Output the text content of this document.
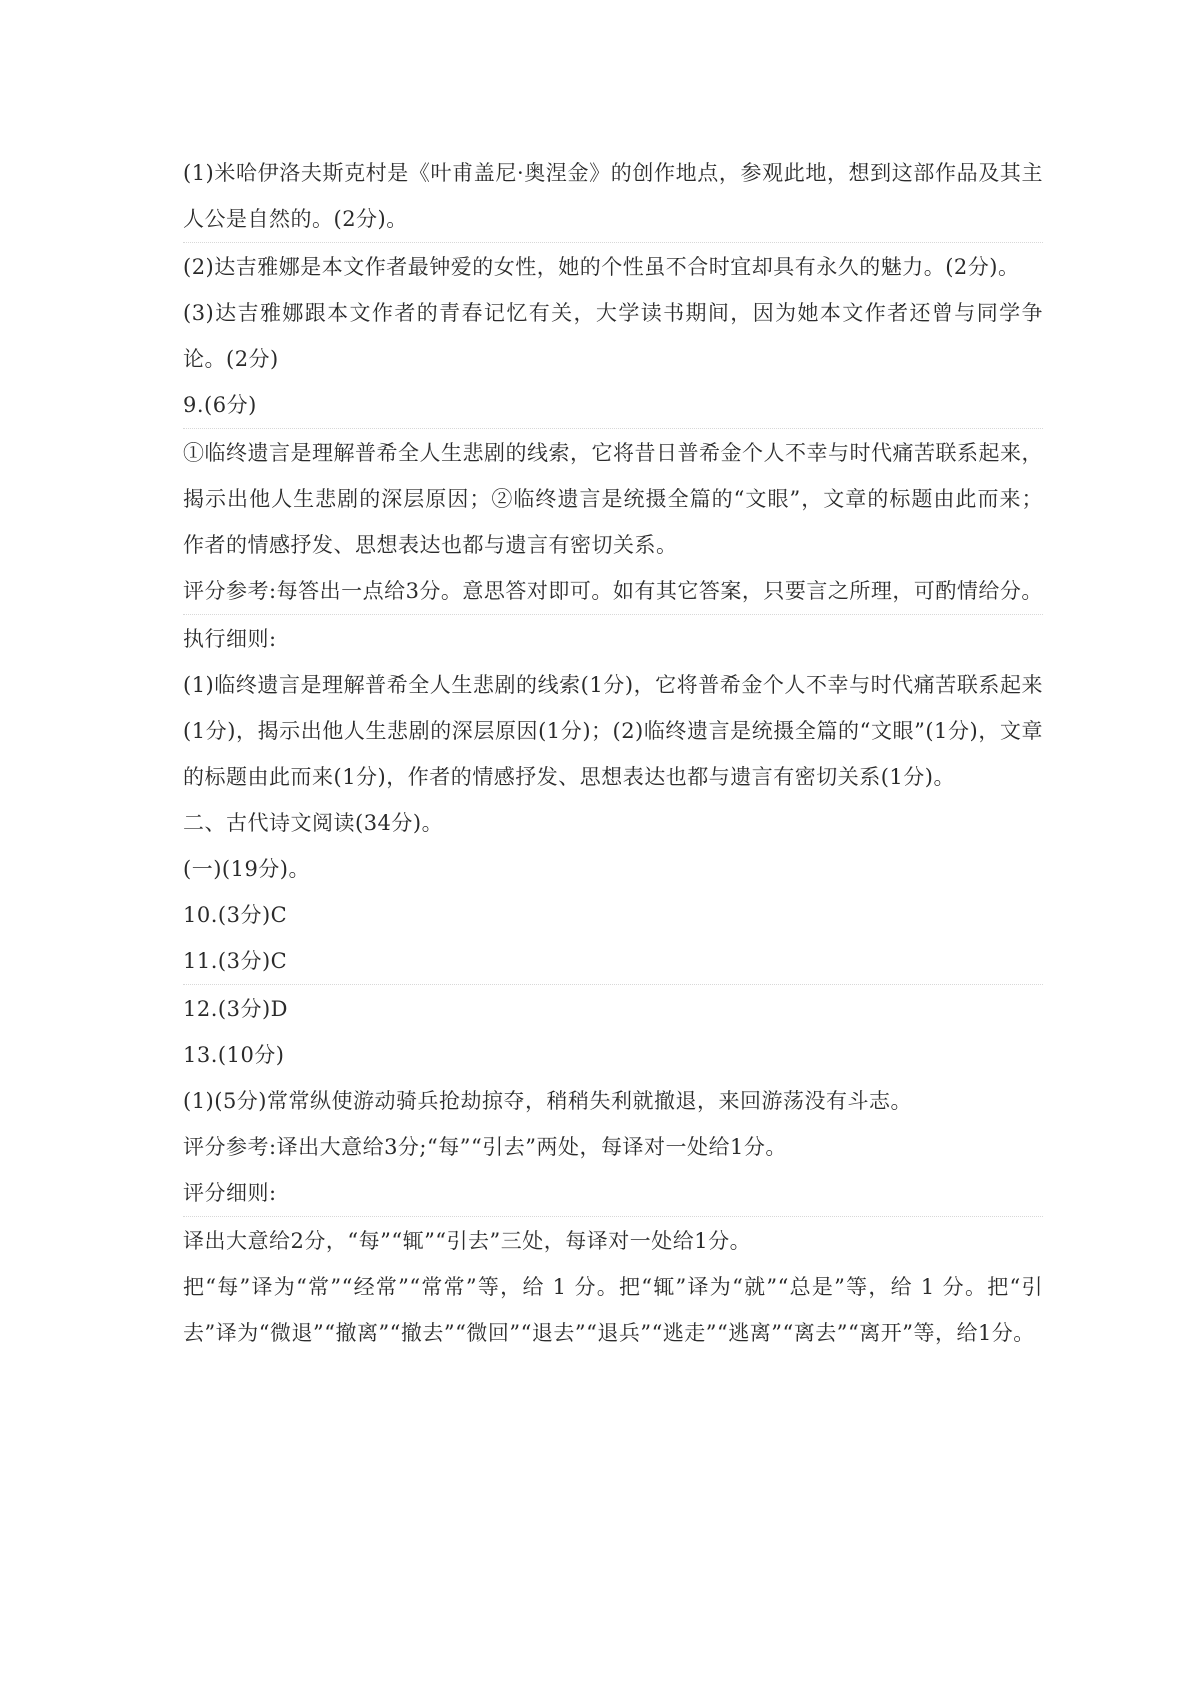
(1)米哈伊洛夫斯克村是《叶甫盖尼·奥涅金》的创作地点，参观此地，想到这部作品及其主人公是自然的。(2分)。

(2)达吉雅娜是本文作者最钟爱的女性，她的个性虽不合时宜却具有永久的魅力。(2分)。

(3)达吉雅娜跟本文作者的青春记忆有关，大学读书期间，因为她本文作者还曾与同学争论。(2分)

9.(6分)

①临终遗言是理解普希全人生悲剧的线索，它将昔日普希金个人不幸与时代痛苦联系起来，揭示出他人生悲剧的深层原因；②临终遗言是统摄全篇的“文眼”，文章的标题由此而来；作者的情感抒发、思想表达也都与遗言有密切关系。

评分参考:每答出一点给3分。意思答对即可。如有其它答案，只要言之所理，可酌情给分。

执行细则:

(1)临终遗言是理解普希全人生悲剧的线索(1分)，它将普希金个人不幸与时代痛苦联系起来(1分)，揭示出他人生悲剧的深层原因(1分)；(2)临终遗言是统摄全篇的“文眼”(1分)，文章的标题由此而来(1分)，作者的情感抒发、思想表达也都与遗言有密切关系(1分)。

二、古代诗文阅读(34分)。

(一)(19分)。

10.(3分)C

11.(3分)C

12.(3分)D

13.(10分)

(1)(5分)常常纵使游动骑兵抢劫掠夺，稍稍失利就撤退，来回游荡没有斗志。

评分参考:译出大意给3分;“每”“引去”两处，每译对一处给1分。

评分细则:

译出大意给2分，“每”“辄”“引去”三处，每译对一处给1分。

把“每”译为“常”“经常”“常常”等，给 1 分。把“辄”译为“就”“总是”等，给 1 分。把“引去”译为“微退”“撤离”“撤去”“微回”“退去”“退兵”“逃走”“逃离”“离去”“离开”等，给1分。
